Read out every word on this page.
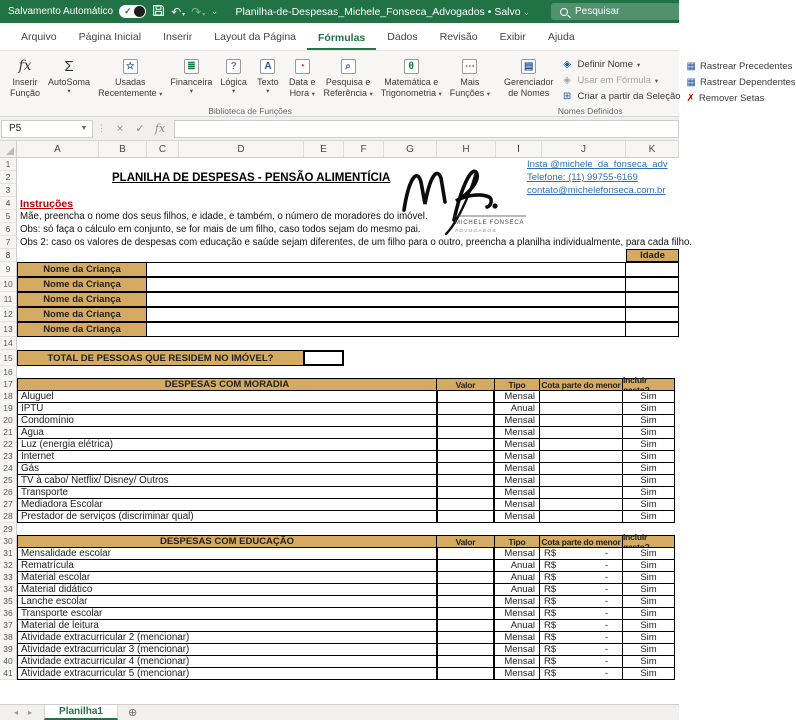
Salvamento Automático ✓	↶▾ ↷▾ ⌄	Planilha-de-Despesas_Michele_Fonseca_Advogados • Salvo ⌄	Pesquisar
Arquivo	Página Inicial	Inserir	Layout da Página	Fórmulas	Dados	Revisão	Exibir	Ajuda
fx
Inserir
Função
Σ
AutoSoma
▾
☆
Usadas
Recentemente ▾
≣
Financeira
▾
?
Lógica
▾
A
Texto
▾
◔
Data e
Hora ▾
⌕
Pesquisa e
Referência ▾
θ
Matemática e
Trigonometria ▾
⋯
Mais
Funções ▾
Biblioteca de Funções
▤
Gerenciador
de Nomes
◈ Definir Nome ▾
◈ Usar em Fórmula ▾
⊞ Criar a partir da Seleção
Nomes Definidos
▦ Rastrear Precedentes
▦ Rastrear Dependentes
✗ Remover Setas
P5	▼	⋮ ×	✓ fx
A	B	C	D	E	F	G	H	I	J	K
MICHELE FONSECA
ADVOGADOS
1	Insta @michele_da_fonseca_adv
2	PLANILHA DE DESPESAS - PENSÃO ALIMENTÍCIA	Telefone: (11) 99755-6169
3	contato@michelefonseca.com.br
4 Instruções
5 Mãe, preencha o nome dos seus filhos, e idade, e também, o número de moradores do imóvel.
6 Obs: só faça o cálculo em conjunto, se for mais de um filho, caso todos sejam do mesmo pai.
7 Obs 2: caso os valores de despesas com educação e saúde sejam diferentes, de um filho para o outro, preencha a planilha individualmente, para cada filho.
8	Idade
9	Nome da Criança
10	Nome da Criança
11	Nome da Criança
12	Nome da Criança
13	Nome da Criança
14
15	TOTAL DE PESSOAS QUE RESIDEM NO IMÓVEL?
16
17	DESPESAS COM MORADIA	Valor	Tipo	Cota parte do menor Incluir
18 Aluguel	Mensal	Sim
19 IPTU	Anual	Sim
20 Condomínio	Mensal	Sim
21 Água	Mensal	Sim
22 Luz (energia elétrica)	Mensal	Sim
23 Internet	Mensal	Sim
24 Gás	Mensal	Sim
25 TV à cabo/ Netflix/ Disney/ Outros	Mensal	Sim
26 Transporte	Mensal	Sim
27 Mediadora Escolar	Mensal	Sim
28 Prestador de serviços (discriminar qual)	Mensal	Sim
29
30	DESPESAS COM EDUCAÇÃO	Valor	Tipo	Cota parte do menor Incluir
31 Mensalidade escolar	Mensal R$	-	Sim
32 Rematrícula	Anual R$	-	Sim
33 Material escolar	Anual R$	-	Sim
34 Material didático	Anual R$	-	Sim
35 Lanche escolar	Mensal R$	-	Sim
36 Transporte escolar	Mensal R$	-	Sim
37 Material de leitura	Anual R$	-	Sim
38 Atividade extracurricular 2 (mencionar)	Mensal R$	-	Sim
39 Atividade extracurricular 3 (mencionar)	Mensal R$	-	Sim
40 Atividade extracurricular 4 (mencionar)	Mensal R$	-	Sim
41 Atividade extracurricular 5 (mencionar)	Mensal R$	-	Sim
◂ ▸	Planilha1	⊕
